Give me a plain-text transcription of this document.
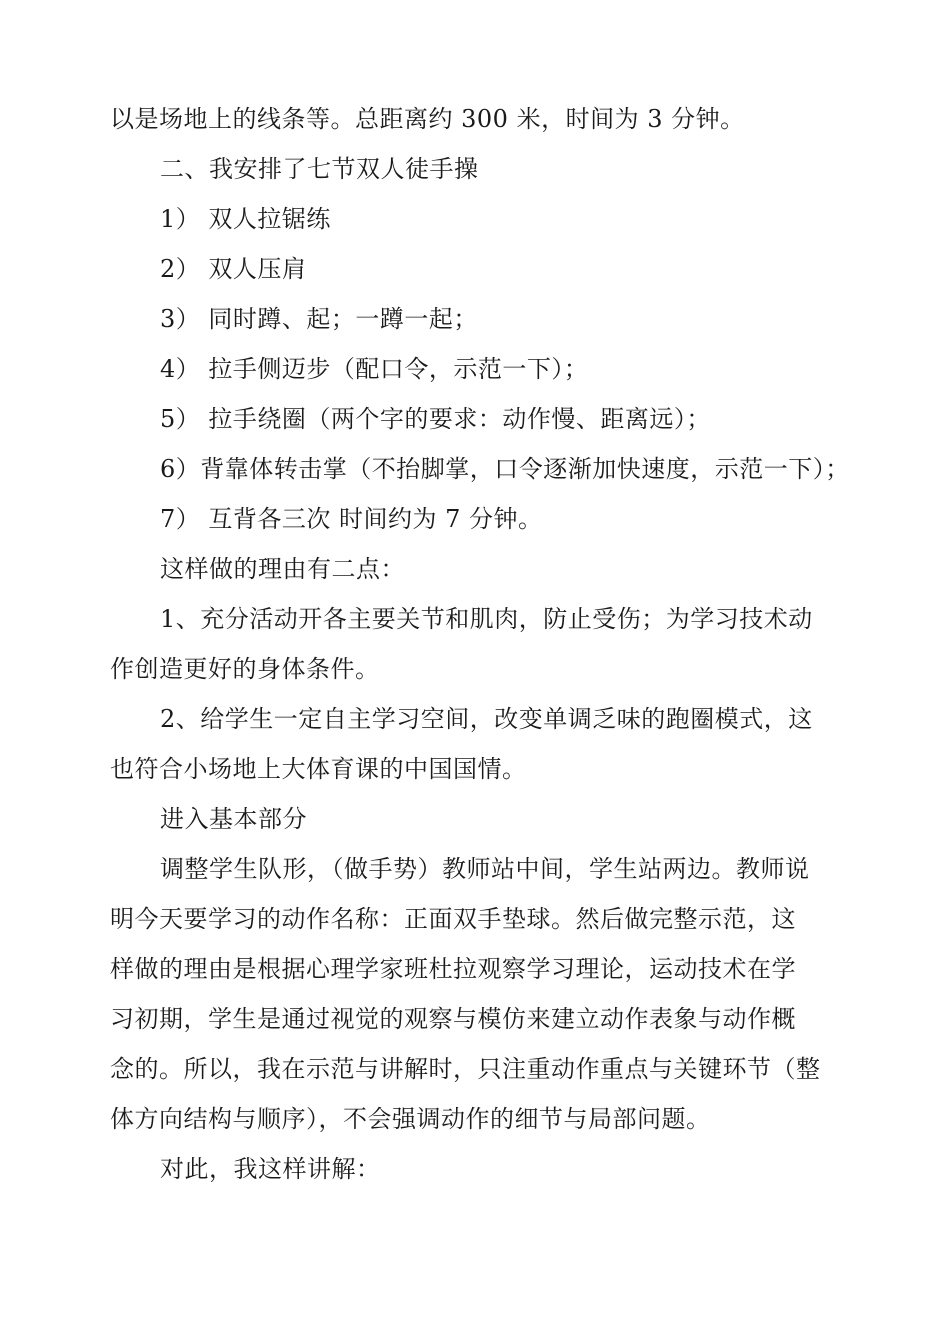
以是场地上的线条等。总距离约 300 米，时间为 3 分钟。
二、我安排了七节双人徒手操
1） 双人拉锯练
2） 双人压肩
3） 同时蹲、起；一蹲一起；
4） 拉手侧迈步（配口令，示范一下）；
5） 拉手绕圈（两个字的要求：动作慢、距离远）；
6）背靠体转击掌（不抬脚掌，口令逐渐加快速度，示范一下）；
7） 互背各三次 时间约为 7 分钟。
这样做的理由有二点：
1、充分活动开各主要关节和肌肉，防止受伤；为学习技术动
作创造更好的身体条件。
2、给学生一定自主学习空间，改变单调乏味的跑圈模式，这
也符合小场地上大体育课的中国国情。
进入基本部分
调整学生队形，（做手势）教师站中间，学生站两边。教师说
明今天要学习的动作名称：正面双手垫球。然后做完整示范，这
样做的理由是根据心理学家班杜拉观察学习理论，运动技术在学
习初期，学生是通过视觉的观察与模仿来建立动作表象与动作概
念的。所以，我在示范与讲解时，只注重动作重点与关键环节（整
体方向结构与顺序），不会强调动作的细节与局部问题。
对此，我这样讲解：
